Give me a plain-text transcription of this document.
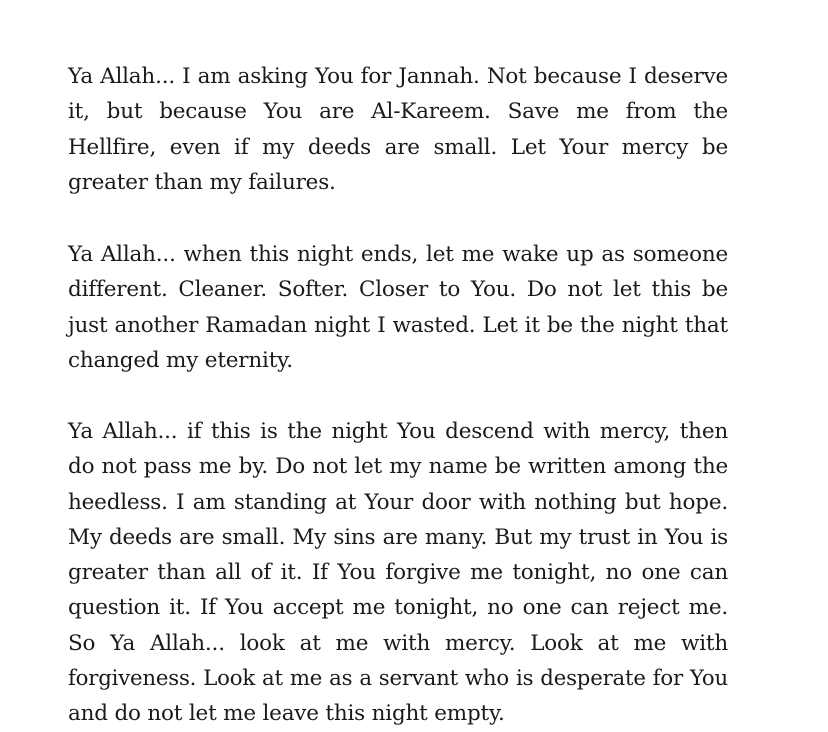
Ya Allah... I am asking You for Jannah. Not because I deserve
it, but because You are Al-Kareem. Save me from the
Hellfire, even if my deeds are small. Let Your mercy be
greater than my failures.
Ya Allah... when this night ends, let me wake up as someone
different. Cleaner. Softer. Closer to You. Do not let this be
just another Ramadan night I wasted. Let it be the night that
changed my eternity.
Ya Allah... if this is the night You descend with mercy, then
do not pass me by. Do not let my name be written among the
heedless. I am standing at Your door with nothing but hope.
My deeds are small. My sins are many. But my trust in You is
greater than all of it. If You forgive me tonight, no one can
question it. If You accept me tonight, no one can reject me.
So Ya Allah... look at me with mercy. Look at me with
forgiveness. Look at me as a servant who is desperate for You
and do not let me leave this night empty.
